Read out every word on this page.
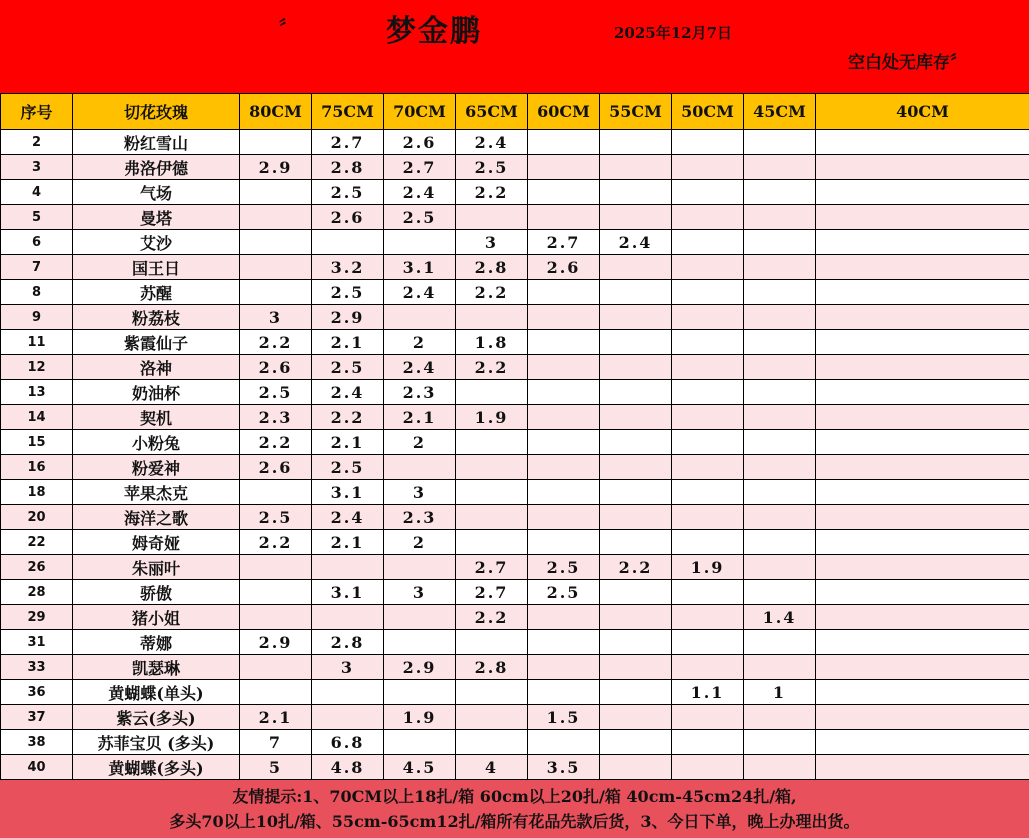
〞	梦金鹏	2025年12月7日
空白处无库存〞
序号	切花玫瑰	80CM	75CM	70CM	65CM	60CM	55CM	50CM	45CM	40CM
2	粉红雪山		2.7	2.6	2.4					
3	弗洛伊德	2.9	2.8	2.7	2.5					
4	气场		2.5	2.4	2.2					
5	曼塔		2.6	2.5						
6	艾沙				3	2.7	2.4			
7	国王日		3.2	3.1	2.8	2.6				
8	苏醒		2.5	2.4	2.2					
9	粉荔枝	3	2.9							
11	紫霞仙子	2.2	2.1	2	1.8					
12	洛神	2.6	2.5	2.4	2.2					
13	奶油杯	2.5	2.4	2.3						
14	契机	2.3	2.2	2.1	1.9					
15	小粉兔	2.2	2.1	2						
16	粉爱神	2.6	2.5							
18	苹果杰克		3.1	3						
20	海洋之歌	2.5	2.4	2.3						
22	姆奇娅	2.2	2.1	2						
26	朱丽叶				2.7	2.5	2.2	1.9		
28	骄傲		3.1	3	2.7	2.5				
29	猪小姐				2.2				1.4	
31	蒂娜	2.9	2.8							
33	凯瑟琳		3	2.9	2.8					
36	黄蝴蝶(单头)							1.1	1	
37	紫云(多头)	2.1		1.9		1.5				
38	苏菲宝贝 (多头)	7	6.8							
40	黄蝴蝶(多头)	5	4.8	4.5	4	3.5				
友情提示:1、70CM以上18扎/箱 60cm以上20扎/箱 40cm-45cm24扎/箱,
多头70以上10扎/箱、55cm-65cm12扎/箱所有花品先款后货，3、今日下单，晚上办理出货。
